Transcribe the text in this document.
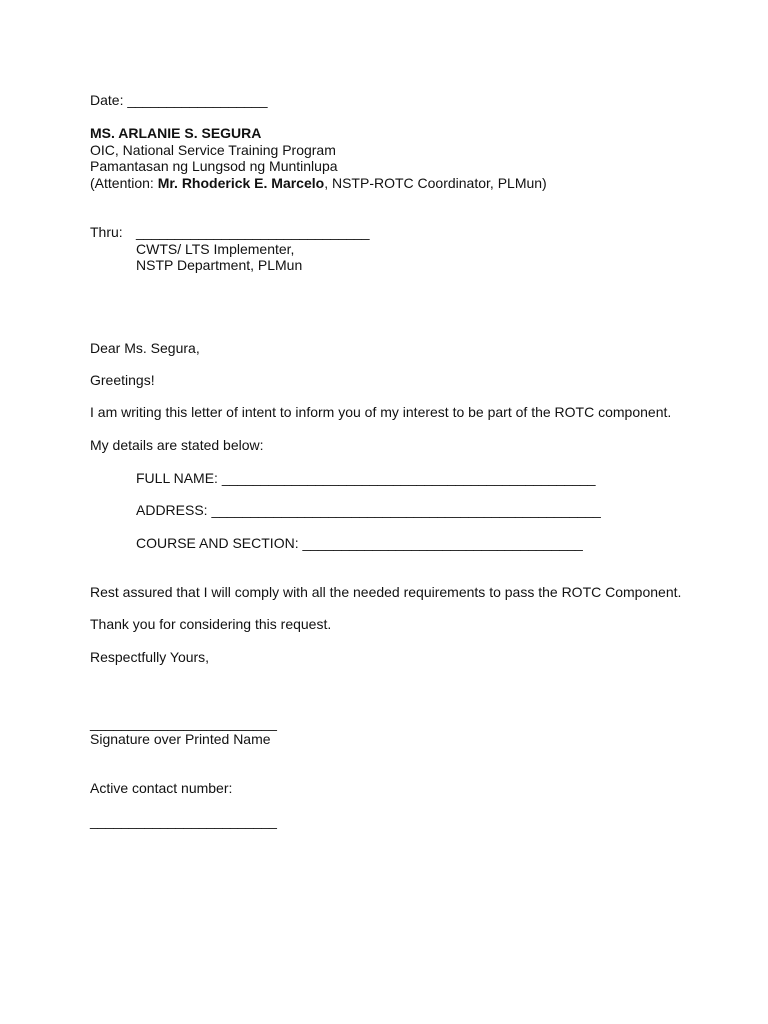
Date: __________________
MS. ARLANIE S. SEGURA
OIC, National Service Training Program
Pamantasan ng Lungsod ng Muntinlupa
(Attention: Mr. Rhoderick E. Marcelo, NSTP-ROTC Coordinator, PLMun)
Thru: ______________________________
CWTS/ LTS Implementer,
NSTP Department, PLMun
Dear Ms. Segura,
Greetings!
I am writing this letter of intent to inform you of my interest to be part of the ROTC component.
My details are stated below:
FULL NAME: ________________________________________________
ADDRESS: __________________________________________________
COURSE AND SECTION: ____________________________________
Rest assured that I will comply with all the needed requirements to pass the ROTC Component.
Thank you for considering this request.
Respectfully Yours,
________________________
Signature over Printed Name
Active contact number:
________________________
